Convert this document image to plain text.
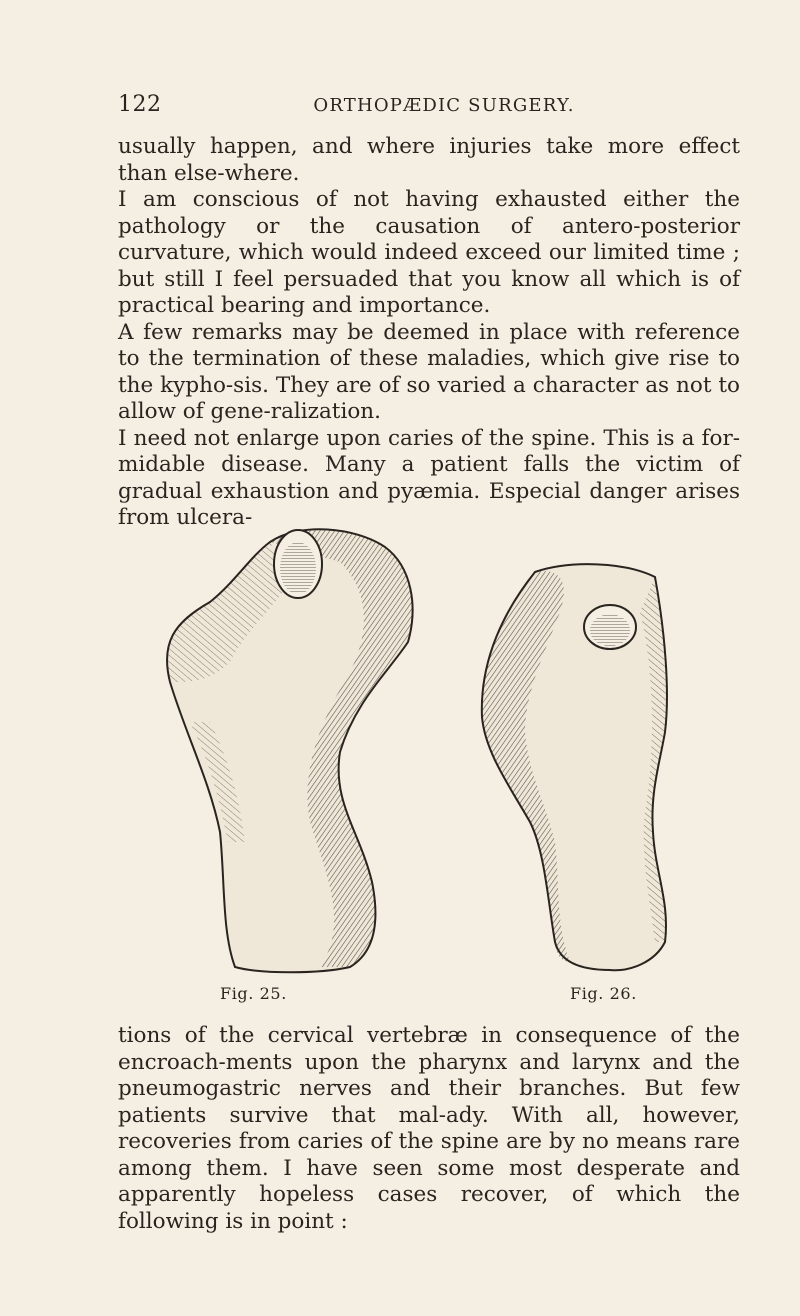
122	ORTHOPÆDIC SURGERY.

usually happen, and where injuries take more effect than else-where.

I am conscious of not having exhausted either the pathology or the causation of antero-posterior curvature, which would indeed exceed our limited time ; but still I feel persuaded that you know all which is of practical bearing and importance.

A few remarks may be deemed in place with reference to the termination of these maladies, which give rise to the kypho-sis. They are of so varied a character as not to allow of gene-ralization.

I need not enlarge upon caries of the spine. This is a for-midable disease. Many a patient falls the victim of gradual exhaustion and pyæmia. Especial danger arises from ulcera-

Fig. 25.	Fig. 26.

tions of the cervical vertebræ in consequence of the encroach-ments upon the pharynx and larynx and the pneumogastric nerves and their branches. But few patients survive that mal-ady. With all, however, recoveries from caries of the spine are by no means rare among them. I have seen some most desperate and apparently hopeless cases recover, of which the following is in point :
